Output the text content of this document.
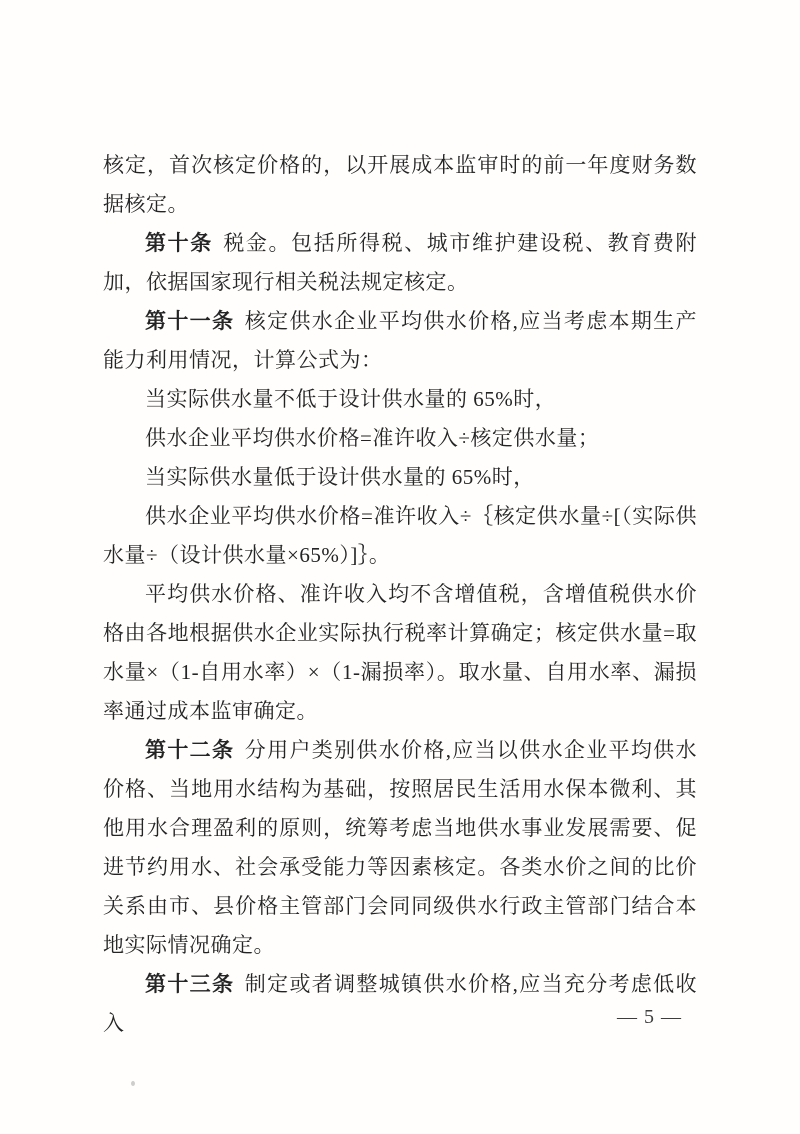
核定，首次核定价格的，以开展成本监审时的前一年度财务数据核定。

第十条 税金。包括所得税、城市维护建设税、教育费附加，依据国家现行相关税法规定核定。

第十一条 核定供水企业平均供水价格,应当考虑本期生产能力利用情况，计算公式为：

当实际供水量不低于设计供水量的 65%时，

供水企业平均供水价格=准许收入÷核定供水量；

当实际供水量低于设计供水量的 65%时，

供水企业平均供水价格=准许收入÷｛核定供水量÷[（实际供水量÷（设计供水量×65%）]｝。

平均供水价格、准许收入均不含增值税，含增值税供水价格由各地根据供水企业实际执行税率计算确定；核定供水量=取水量×（1-自用水率）×（1-漏损率）。取水量、自用水率、漏损率通过成本监审确定。

第十二条 分用户类别供水价格,应当以供水企业平均供水价格、当地用水结构为基础，按照居民生活用水保本微利、其他用水合理盈利的原则，统筹考虑当地供水事业发展需要、促进节约用水、社会承受能力等因素核定。各类水价之间的比价关系由市、县价格主管部门会同同级供水行政主管部门结合本地实际情况确定。

第十三条 制定或者调整城镇供水价格,应当充分考虑低收入	— 5 —
